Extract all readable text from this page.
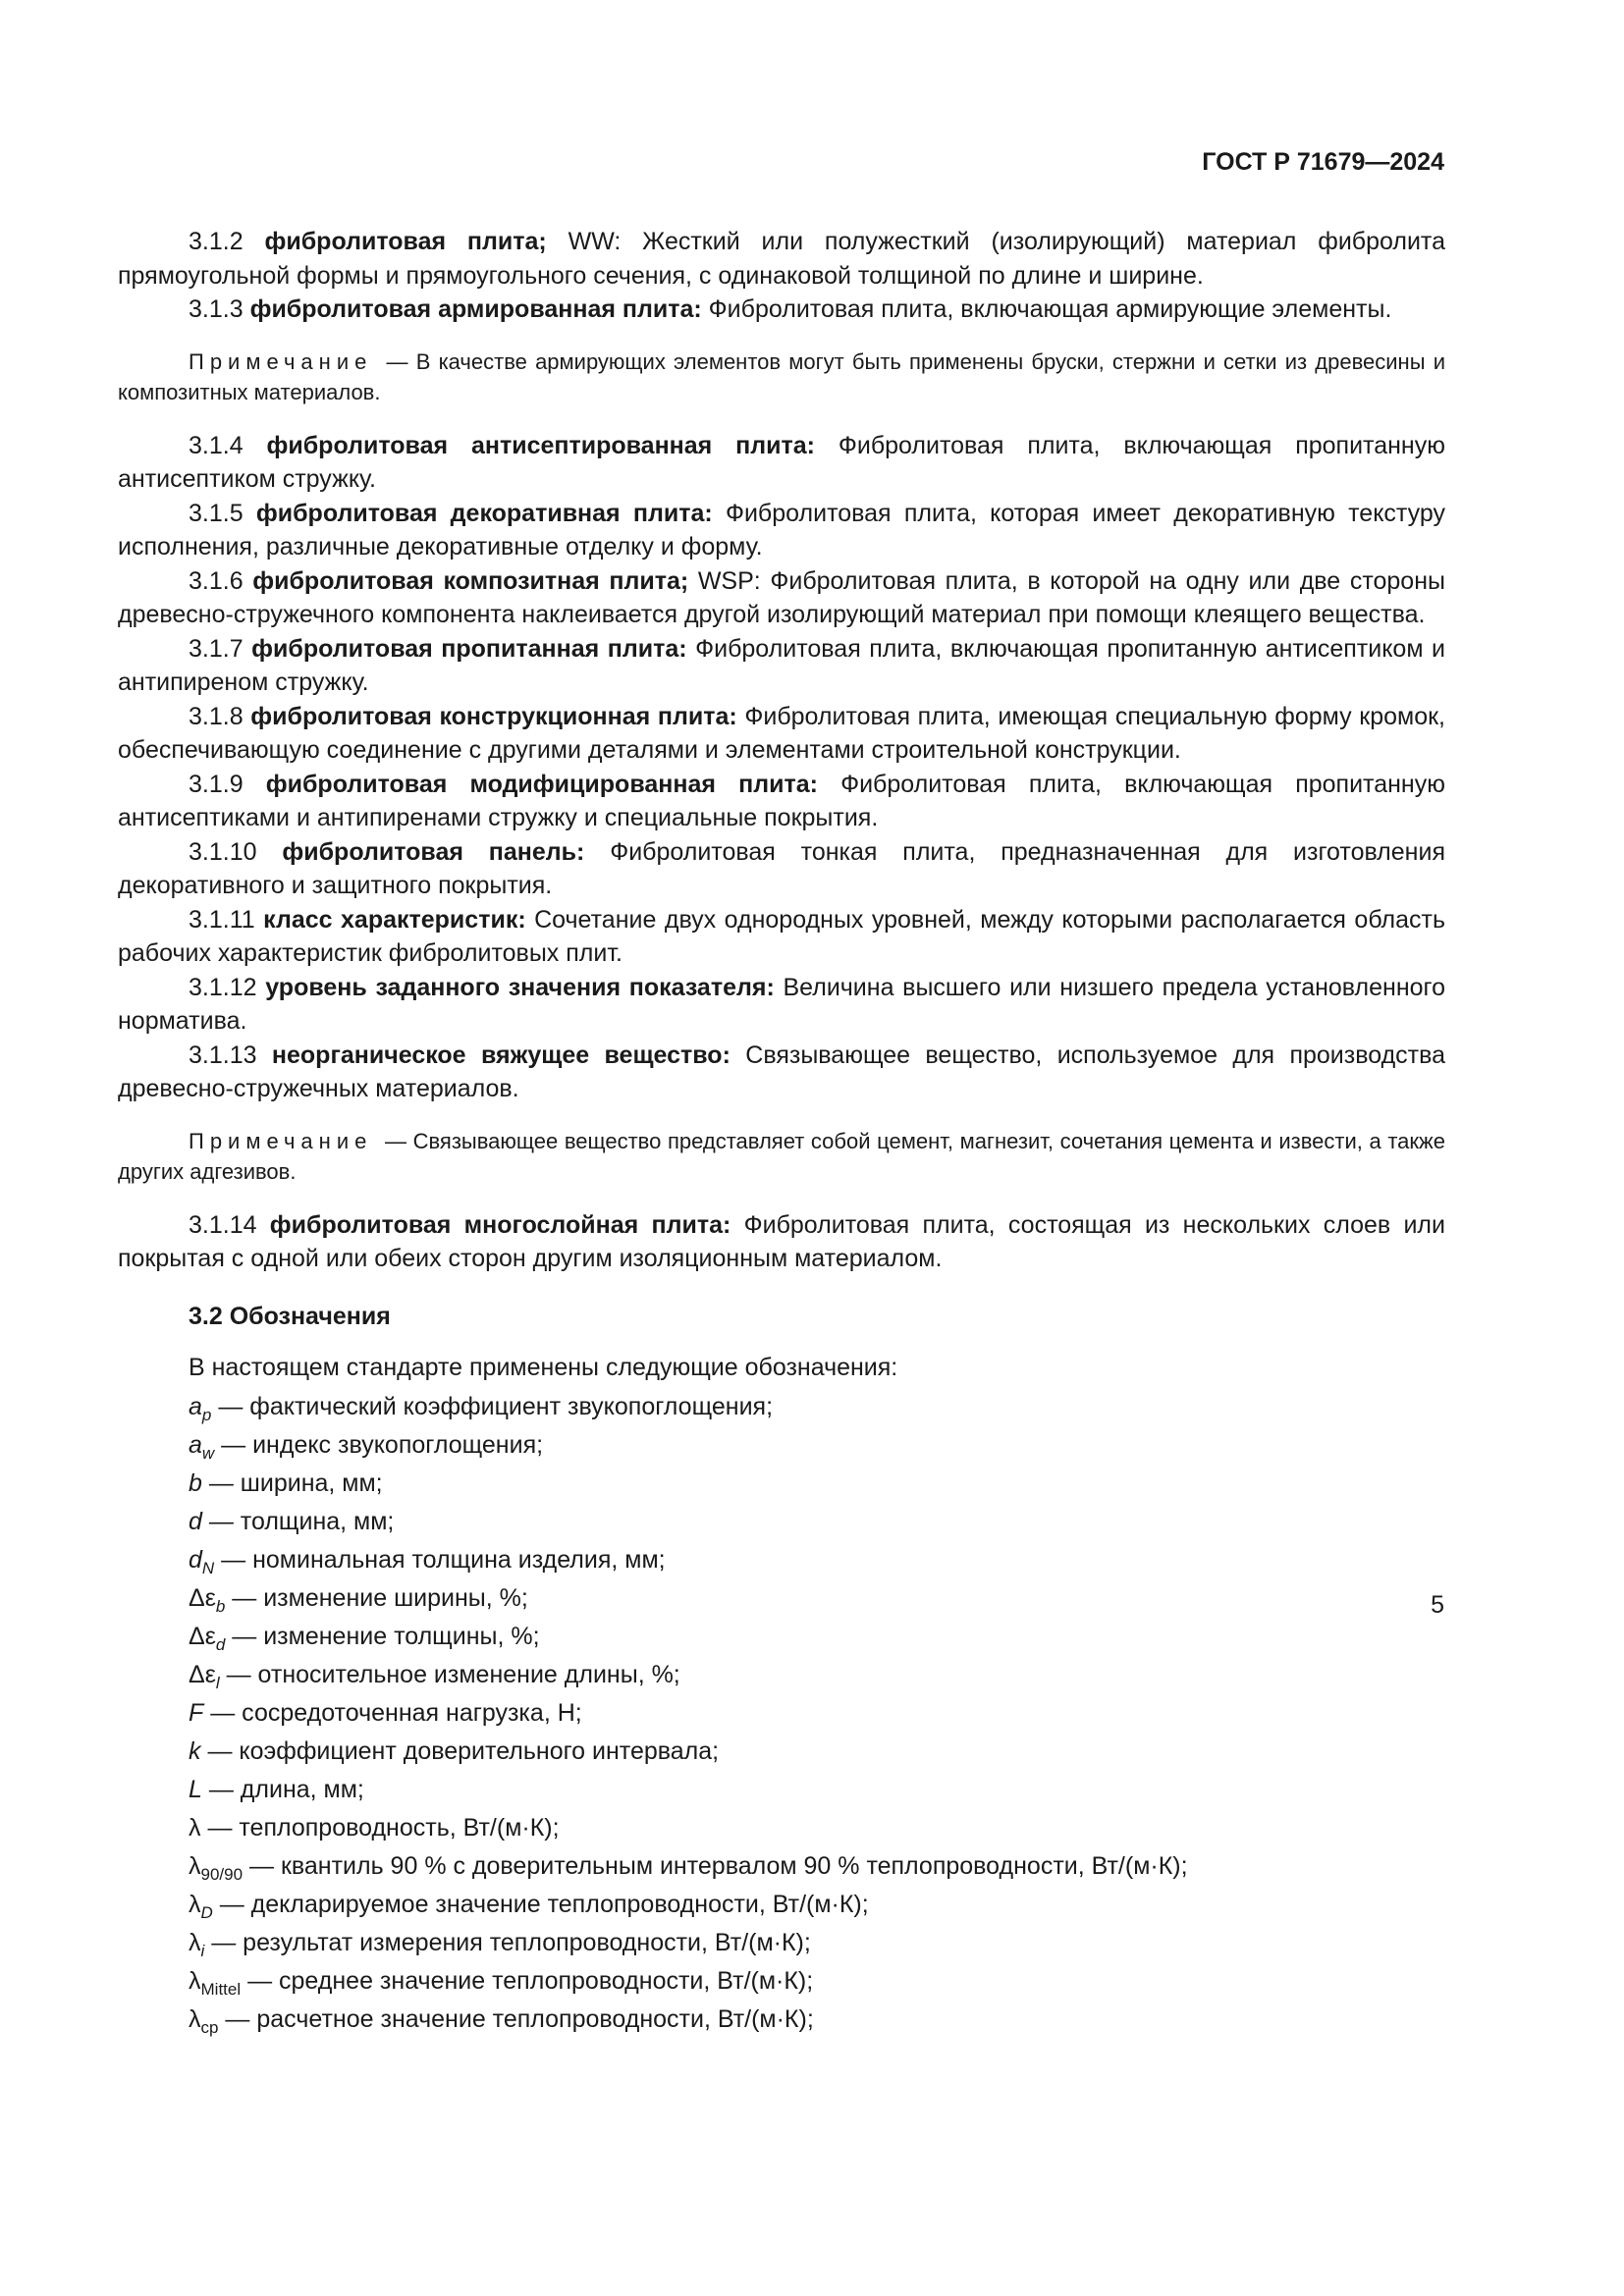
ГОСТ Р 71679—2024

3.1.2 фибролитовая плита; WW: Жесткий или полужесткий (изолирующий) материал фибролита прямоугольной формы и прямоугольного сечения, с одинаковой толщиной по длине и ширине.

3.1.3 фибролитовая армированная плита: Фибролитовая плита, включающая армирующие элементы.

Примечание — В качестве армирующих элементов могут быть применены бруски, стержни и сетки из древесины и композитных материалов.

3.1.4 фибролитовая антисептированная плита: Фибролитовая плита, включающая пропитанную антисептиком стружку.

3.1.5 фибролитовая декоративная плита: Фибролитовая плита, которая имеет декоративную текстуру исполнения, различные декоративные отделку и форму.

3.1.6 фибролитовая композитная плита; WSP: Фибролитовая плита, в которой на одну или две стороны древесно-стружечного компонента наклеивается другой изолирующий материал при помощи клеящего вещества.

3.1.7 фибролитовая пропитанная плита: Фибролитовая плита, включающая пропитанную антисептиком и антипиреном стружку.

3.1.8 фибролитовая конструкционная плита: Фибролитовая плита, имеющая специальную форму кромок, обеспечивающую соединение с другими деталями и элементами строительной конструкции.

3.1.9 фибролитовая модифицированная плита: Фибролитовая плита, включающая пропитанную антисептиками и антипиренами стружку и специальные покрытия.

3.1.10 фибролитовая панель: Фибролитовая тонкая плита, предназначенная для изготовления декоративного и защитного покрытия.

3.1.11 класс характеристик: Сочетание двух однородных уровней, между которыми располагается область рабочих характеристик фибролитовых плит.

3.1.12 уровень заданного значения показателя: Величина высшего или низшего предела установленного норматива.

3.1.13 неорганическое вяжущее вещество: Связывающее вещество, используемое для производства древесно-стружечных материалов.

Примечание — Связывающее вещество представляет собой цемент, магнезит, сочетания цемента и извести, а также других адгезивов.

3.1.14 фибролитовая многослойная плита: Фибролитовая плита, состоящая из нескольких слоев или покрытая с одной или обеих сторон другим изоляционным материалом.

3.2 Обозначения
В настоящем стандарте применены следующие обозначения:
$a_p$ — фактический коэффициент звукопоглощения;
$a_w$ — индекс звукопоглощения;
b — ширина, мм;
d — толщина, мм;
$d_N$ — номинальная толщина изделия, мм;
$\Delta\varepsilon_b$ — изменение ширины, %;
$\Delta\varepsilon_d$ — изменение толщины, %;
$\Delta\varepsilon_l$ — относительное изменение длины, %;
F — сосредоточенная нагрузка, Н;
k — коэффициент доверительного интервала;
L — длина, мм;
λ — теплопроводность, Вт/(м·К);
$\lambda_{90/90}$ — квантиль 90 % с доверительным интервалом 90 % теплопроводности, Вт/(м·К);
$\lambda_D$ — декларируемое значение теплопроводности, Вт/(м·К);
$\lambda_i$ — результат измерения теплопроводности, Вт/(м·К);
$\lambda_{Mittel}$ — среднее значение теплопроводности, Вт/(м·К);
$\lambda_{ср}$ — расчетное значение теплопроводности, Вт/(м·К);
5
